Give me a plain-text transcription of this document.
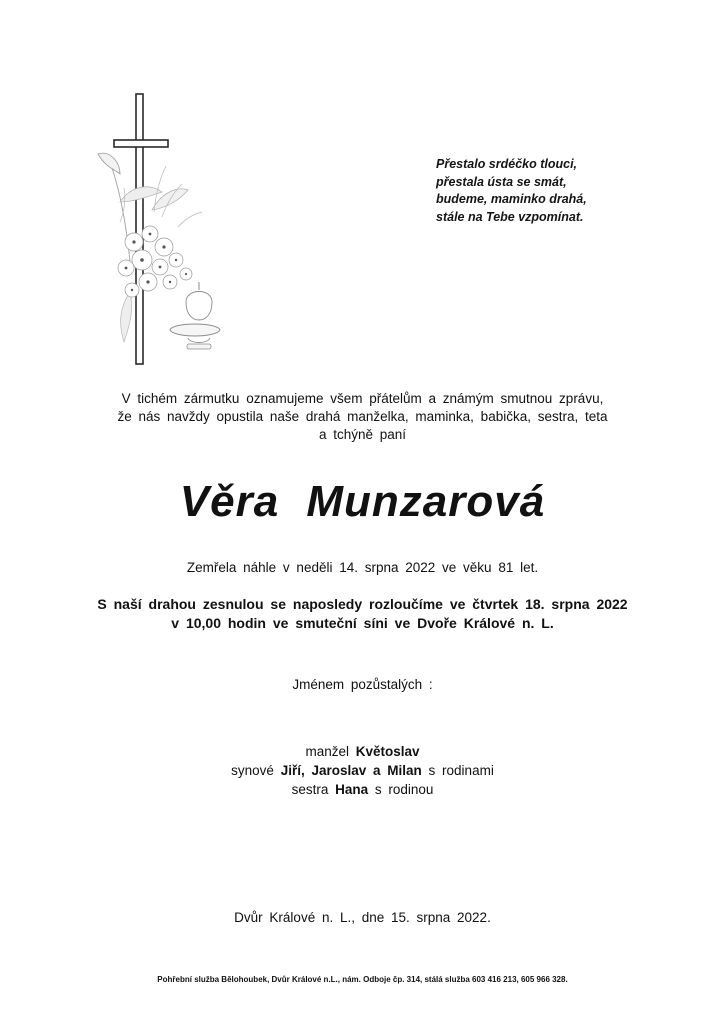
Přestalo srdéčko tlouci,
přestala ústa se smát,
budeme, maminko drahá,
stále na Tebe vzpomínat.
V tichém zármutku oznamujeme všem přátelům a známým smutnou zprávu,
že nás navždy opustila naše drahá manželka, maminka, babička, sestra, teta
a tchýně paní
Věra Munzarová
Zemřela náhle v neděli 14. srpna 2022 ve věku 81 let.
S naší drahou zesnulou se naposledy rozloučíme ve čtvrtek 18. srpna 2022
v 10,00 hodin ve smuteční síni ve Dvoře Králové n. L.
Jménem pozůstalých :
manžel Květoslav
synové Jiří, Jaroslav a Milan s rodinami
sestra Hana s rodinou
Dvůr Králové n. L., dne 15. srpna 2022.
Pohřební služba Bělohoubek, Dvůr Králové n.L., nám. Odboje čp. 314, stálá služba 603 416 213, 605 966 328.
